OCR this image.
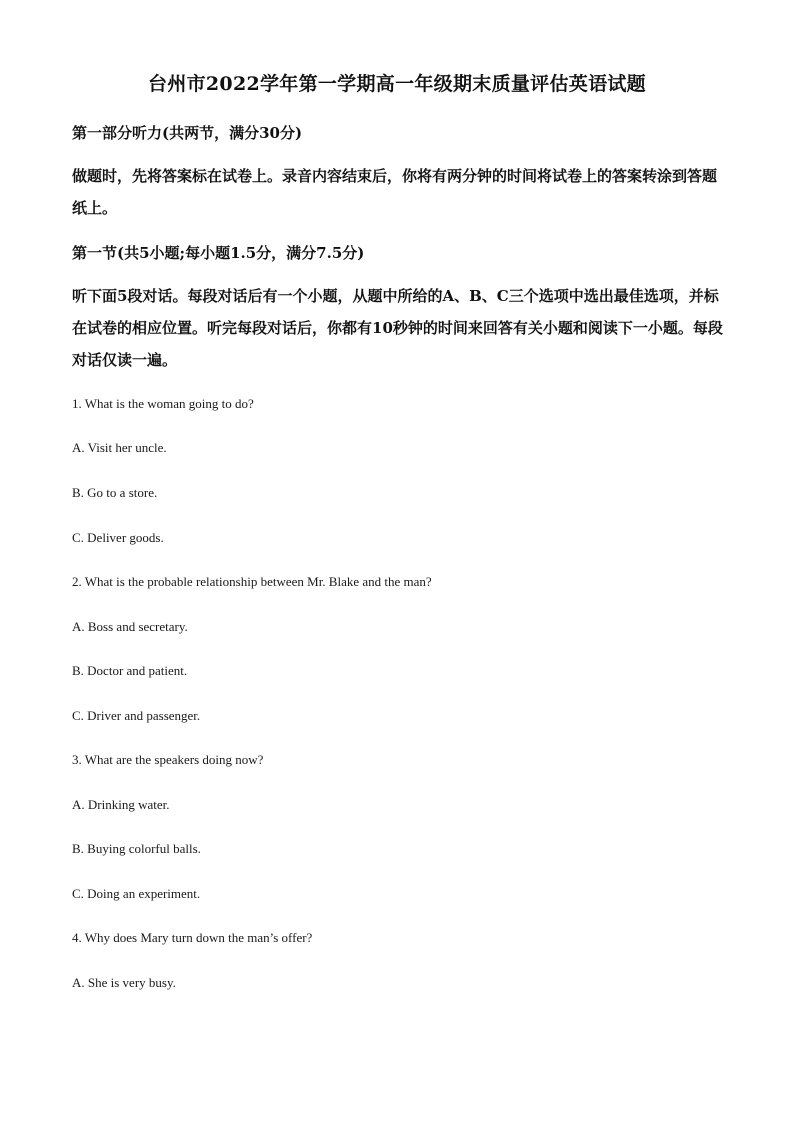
台州市2022学年第一学期高一年级期末质量评估英语试题
第一部分听力(共两节，满分30分)
做题时，先将答案标在试卷上。录音内容结束后，你将有两分钟的时间将试卷上的答案转涂到答题纸上。
第一节(共5小题;每小题1.5分，满分7.5分)
听下面5段对话。每段对话后有一个小题，从题中所给的A、B、C三个选项中选出最佳选项，并标在试卷的相应位置。听完每段对话后，你都有10秒钟的时间来回答有关小题和阅读下一小题。每段对话仅读一遍。
1. What is the woman going to do?
A. Visit her uncle.
B. Go to a store.
C. Deliver goods.
2. What is the probable relationship between Mr. Blake and the man?
A. Boss and secretary.
B. Doctor and patient.
C. Driver and passenger.
3. What are the speakers doing now?
A. Drinking water.
B. Buying colorful balls.
C. Doing an experiment.
4. Why does Mary turn down the man’s offer?
A. She is very busy.
